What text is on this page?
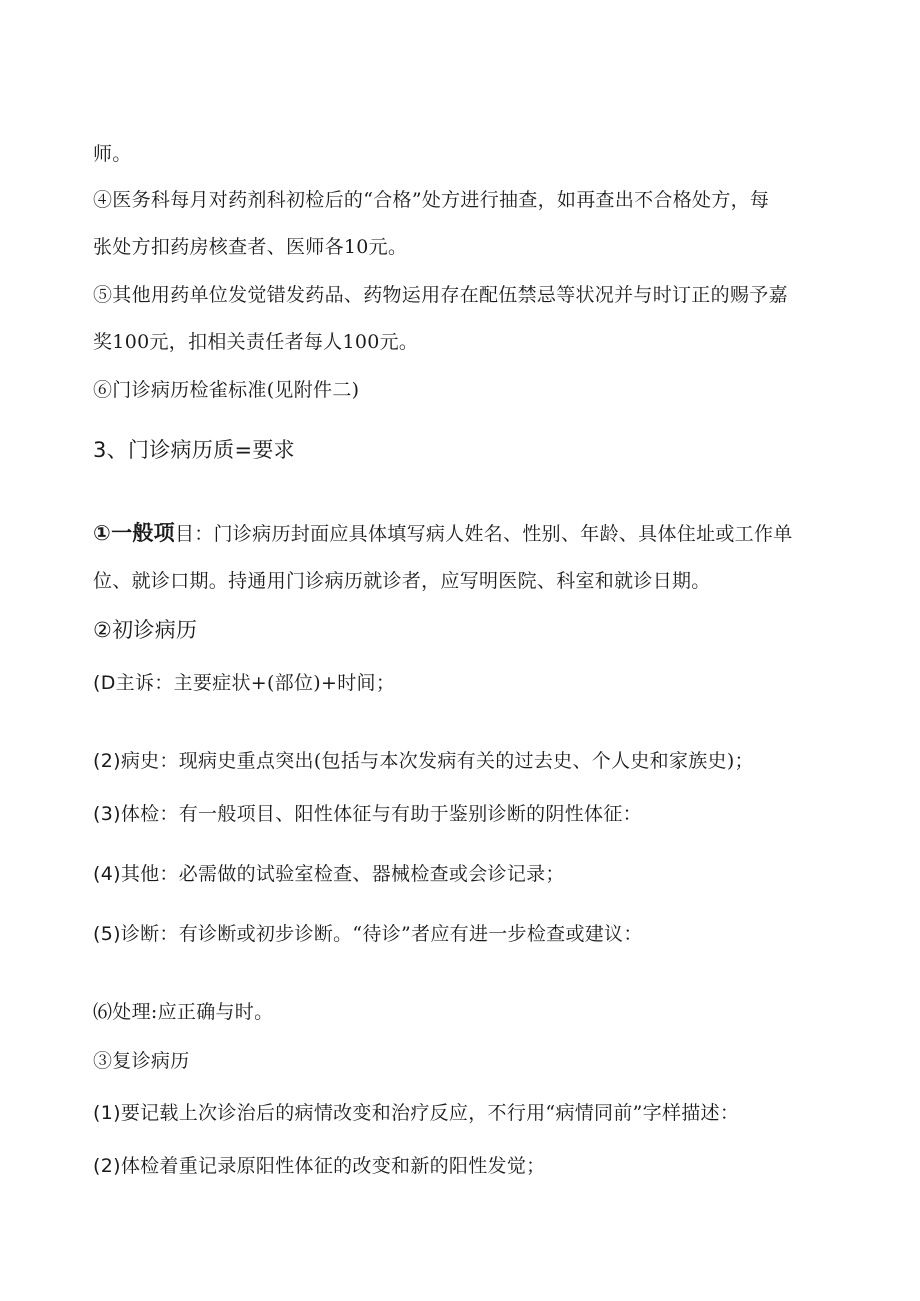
师。
④医务科每月对药剂科初检后的“合格”处方进行抽查，如再查出不合格处方，每
张处方扣药房核查者、医师各10元。
⑤其他用药单位发觉错发药品、药物运用存在配伍禁忌等状况并与时订正的赐予嘉
奖100元，扣相关责任者每人100元。
⑥门诊病历检雀标准(见附件二)
3、门诊病历质=要求
①一般项目：门诊病历封面应具体填写病人姓名、性别、年龄、具体住址或工作单
位、就诊口期。持通用门诊病历就诊者，应写明医院、科室和就诊日期。
②初诊病历
(D主诉：主要症状+(部位)+时间；
(2)病史：现病史重点突出(包括与本次发病有关的过去史、个人史和家族史)；
(3)体检：有一般项目、阳性体征与有助于鉴别诊断的阴性体征：
(4)其他：必需做的试验室检查、器械检查或会诊记录；
(5)诊断：有诊断或初步诊断。“待诊”者应有进一步检查或建议：
⑹处理:应正确与时。
③复诊病历
(1)要记载上次诊治后的病情改变和治疗反应，不行用“病情同前”字样描述：
(2)体检着重记录原阳性体征的改变和新的阳性发觉；
